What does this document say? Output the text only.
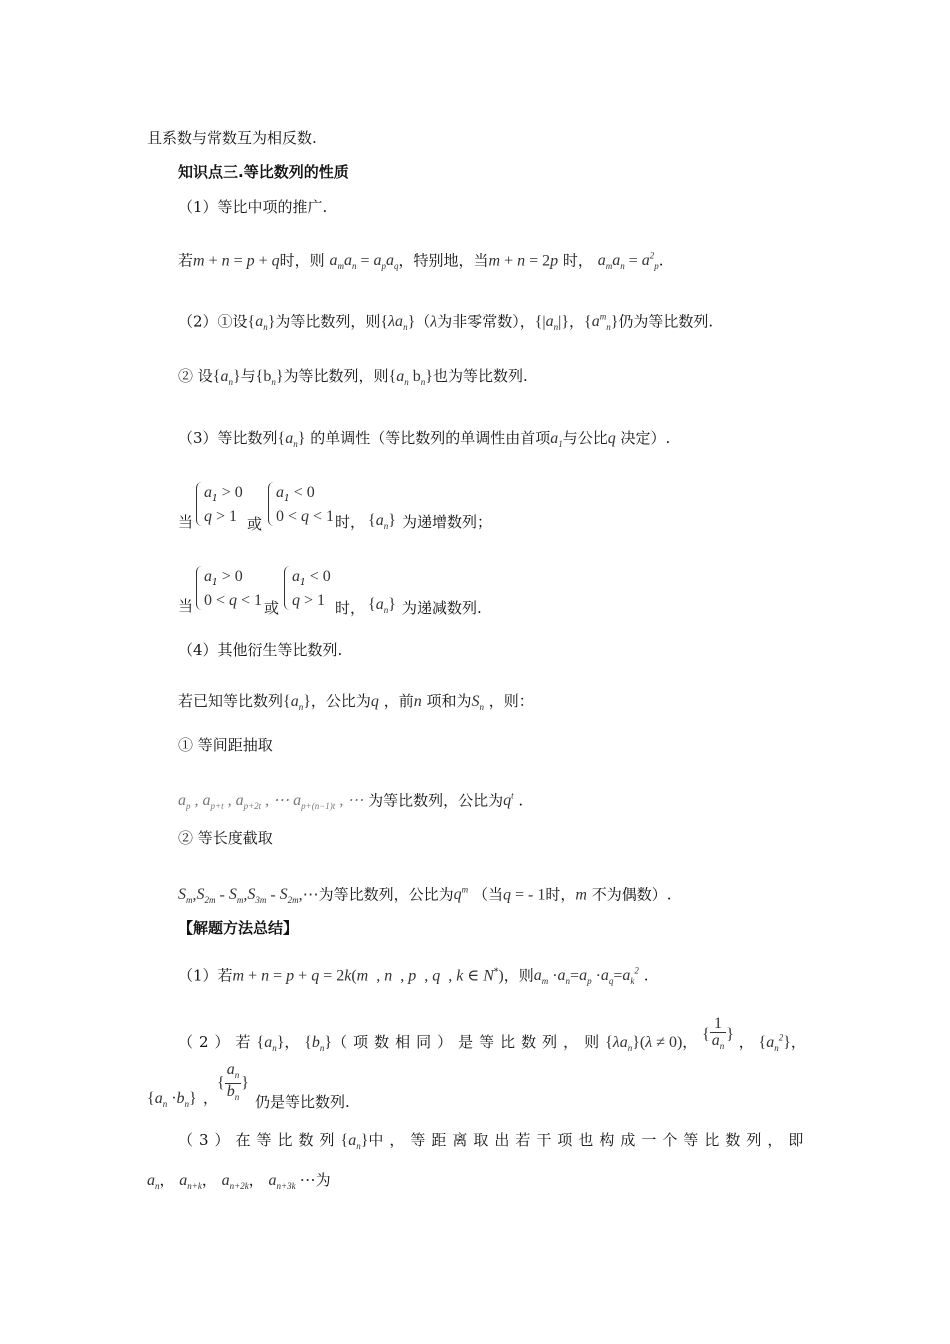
且系数与常数互为相反数.
知识点三.等比数列的性质
（1）等比中项的推广.
若m + n = p + q时，则 $a_ma_n = a_pa_q$，特别地，当m + n = 2p 时， $a_ma_n = a^2_p$.
（2）①设$\{a_n\}$为等比数列，则$\{\lambda a_n\}(\lambda$为非零常数），$\{|a_n|\}$，$\{a^m_n\}$仍为等比数列.
② 设$\{a_n\}$与$\{b_n\}$为等比数列，则{$a_n$ $b_n$}也为等比数列.
（3）等比数列$\{a_n\}$ 的单调性（等比数列的单调性由首项$a_1$与公比q 决定）.
当
$a_1 > 0$
q > 1 或
$a_1 < 0$
0 < q < 1 时， $\{a_n\}$ 为递增数列；
当
$a_1 > 0$
0 < q < 1 或
$a_1 < 0$
q > 1 时， $\{a_n\}$ 为递减数列.
（4）其他衍生等比数列.
若已知等比数列$\{a_n\}$，公比为q ，前n 项和为$S_n$ ，则：
① 等间距抽取
$a_p$ , $a_{p+t}$ , $a_{p+2t}$ , ⋯ $a_{p+(n-1)t}$ , ⋯ 为等比数列，公比为$q^t$ .
② 等长度截取
$S_m,S_{2m} - S_m,S_{3m}$ - $S_{2m},\cdots$为等比数列，公比为$q^m$ （当q = - 1时，m 不为偶数）.
【解题方法总结】
（1）若m + n = p + q = 2k(m  , n  , p  , q  , k ∈ N*)，则$a_m \cdot a_n=a_p \cdot a_q=a_k^2$ .
（2）若$\{a_n\}$， $\{b_n\}$（项数相同）是等比数列，则$\{\lambda a_n\}(\lambda \ne 0)$， { $\frac{1}{a_n}$ } ， $\{a_n^2\}$，
$\{a_n \cdot b_n\}$ ，
{ $\frac{a_n}{b_n}$ }
仍是等比数列.
（3）在等比数列$\{a_n\}$中，等距离取出若干项也构成一个等比数列，即
$a_n$， $a_{n+k}$， $a_{n+2k}$， $a_{n+3k}$ ⋯为
